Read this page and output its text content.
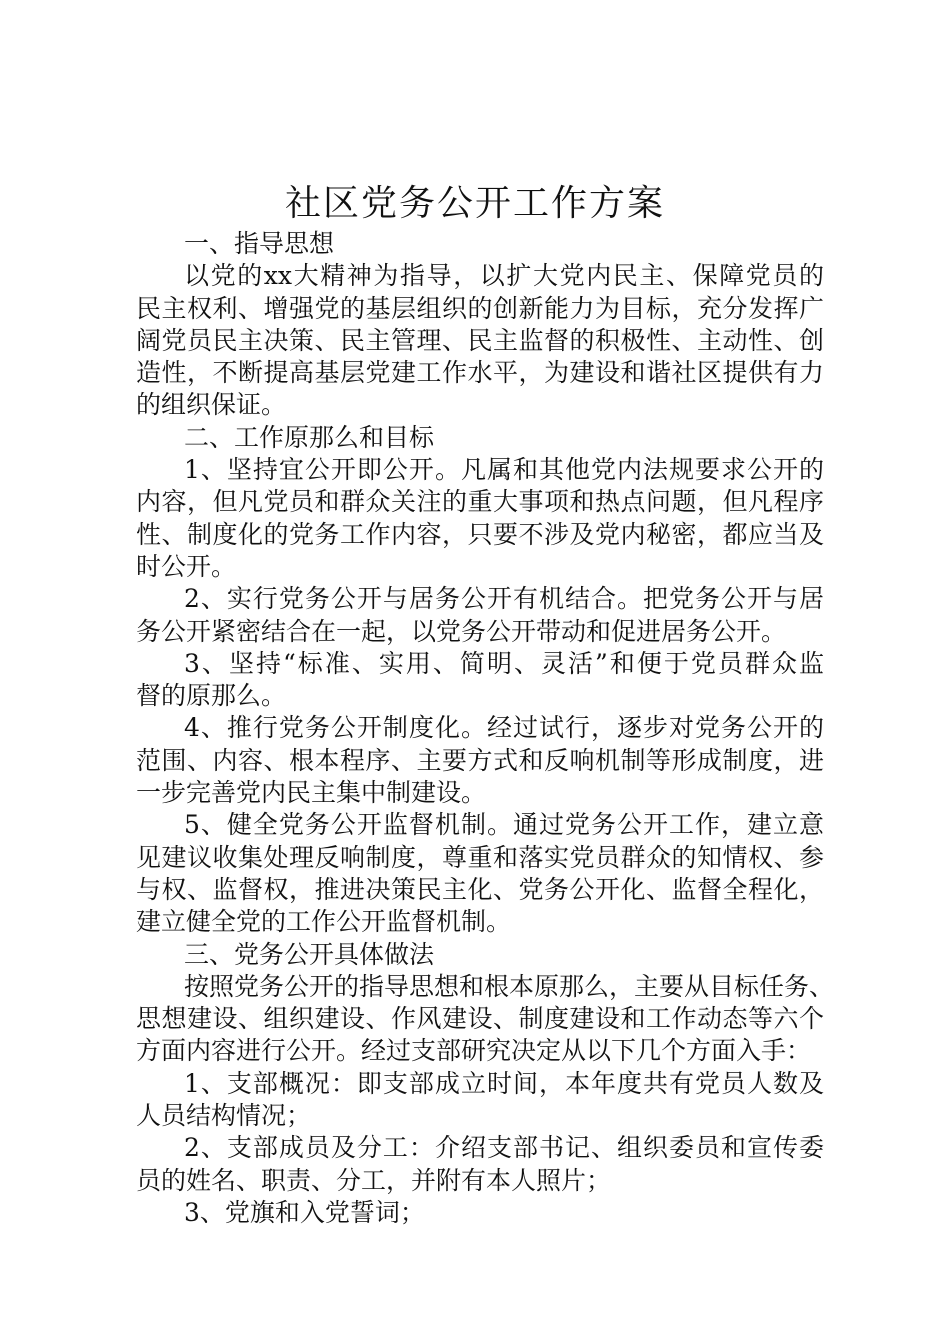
社区党务公开工作方案
一、指导思想
以党的xx大精神为指导，以扩大党内民主、保障党员的
民主权利、增强党的基层组织的创新能力为目标，充分发挥广
阔党员民主决策、民主管理、民主监督的积极性、主动性、创
造性，不断提高基层党建工作水平，为建设和谐社区提供有力
的组织保证。
二、工作原那么和目标
1、坚持宜公开即公开。凡属和其他党内法规要求公开的
内容，但凡党员和群众关注的重大事项和热点问题，但凡程序
性、制度化的党务工作内容，只要不涉及党内秘密，都应当及
时公开。
2、实行党务公开与居务公开有机结合。把党务公开与居
务公开紧密结合在一起，以党务公开带动和促进居务公开。
3、坚持“标准、实用、简明、灵活”和便于党员群众监
督的原那么。
4、推行党务公开制度化。经过试行，逐步对党务公开的
范围、内容、根本程序、主要方式和反响机制等形成制度，进
一步完善党内民主集中制建设。
5、健全党务公开监督机制。通过党务公开工作，建立意
见建议收集处理反响制度，尊重和落实党员群众的知情权、参
与权、监督权，推进决策民主化、党务公开化、监督全程化，
建立健全党的工作公开监督机制。
三、党务公开具体做法
按照党务公开的指导思想和根本原那么，主要从目标任务、
思想建设、组织建设、作风建设、制度建设和工作动态等六个
方面内容进行公开。经过支部研究决定从以下几个方面入手：
1、支部概况：即支部成立时间，本年度共有党员人数及
人员结构情况；
2、支部成员及分工：介绍支部书记、组织委员和宣传委
员的姓名、职责、分工，并附有本人照片；
3、党旗和入党誓词；
